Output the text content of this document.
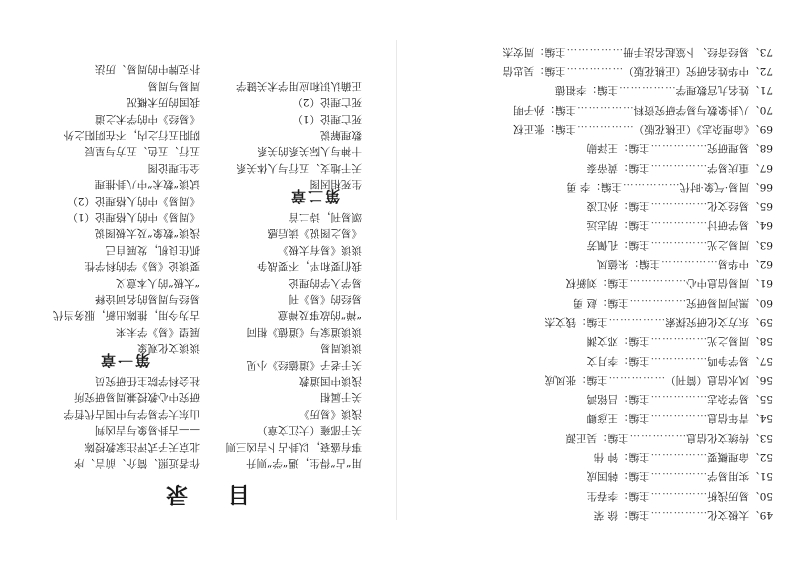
目录
作者近照、简介、前言、序
北京天子式评注家教授陈
——古卦易象与吉凶判
山东大学易学与中国古代哲学
研究中心教授兼周易研究所
社会科学院主任研究员
第一章
谈谈文化观象
展望《易》学未来
古为今用，推陈出新，服务当代
易经与周易的名词诠释
“太极”的人本意义
要谈论《易》学的科学性
抓住良机，发展自己
浅谈“数象”及太极图说
《周易》中的人格理论（1）
《周易》中的人格理论（2）
试谈“数术”中八卦推理
全生理论图
五行、五色、五方与星辰
阴阳五行之内，不在阴阳之外
《易经》中的学术之道
我国的历术概况
周易与周易
扑克牌中的周易、历法
用“占”得生，遇“学”则升
事有盛衰，以卦占卜吉凶三则
关于邵雍（大江文章）
浅谈《易历》
关于属相
浅谈中国道教
关于老子《道德经》小见
谈谈周易
谈谈道家与《道德》相同
“禅”的故事及禅意
易经的《易》刊
易学入学的理论
我们要和平，不要战争
谈谈《易有太极》
《易之图说》读后感
颂易刊，诗二首
第二章
生死相因图
天干地支、五行与人体关系
十神与人际关系的关系
数理解说
死亡理论（1）
死亡理论（2）
正确认识和应用学术关键学
49、太极文化……………主编：徐 荣
50、易历浅析……………主编：李春生
51、实用易学……………主编：韩国成
52、命理概要……………主编：钟 伟
53、传统文化信息……………主编：吴正源
54、青年信息……………主编：王彦卿
55、易学杂志……………主编：吕铭鸿
56、风水信息（简刊）……………主编：张凤成
57、易学争鸣……………主编：李月文
58、周易之光……………主编：邓文渊
59、东方文化研究探索……………主编：钱文杰
60、黑河周易研究……………主编：赵 勇
61、周易信息中心……………主编：刘新权
62、中华易……………主编：朱德凤
63、周易之光……………主编：孔佩芳
64、易学研讨……………主编：胡志远
65、易经文化……………主编：孙江凌
66、周易·气象·时代……………主编：李 勇
67、重庆易学……………主编：黄帝泰
68、易理研究……………主编：王泽勋
69、《命理杂志》（正桃花版）……………主编：张正权
70、八卦象数与易学研究资料……………主编：孙子明
71、姓名九宫数理学……………主编：李祖德
72、中华姓名研究（正桃花版）……………主编：吴忠信
73、易经奇经、卜筮起名法手册……………主编：周安杰
